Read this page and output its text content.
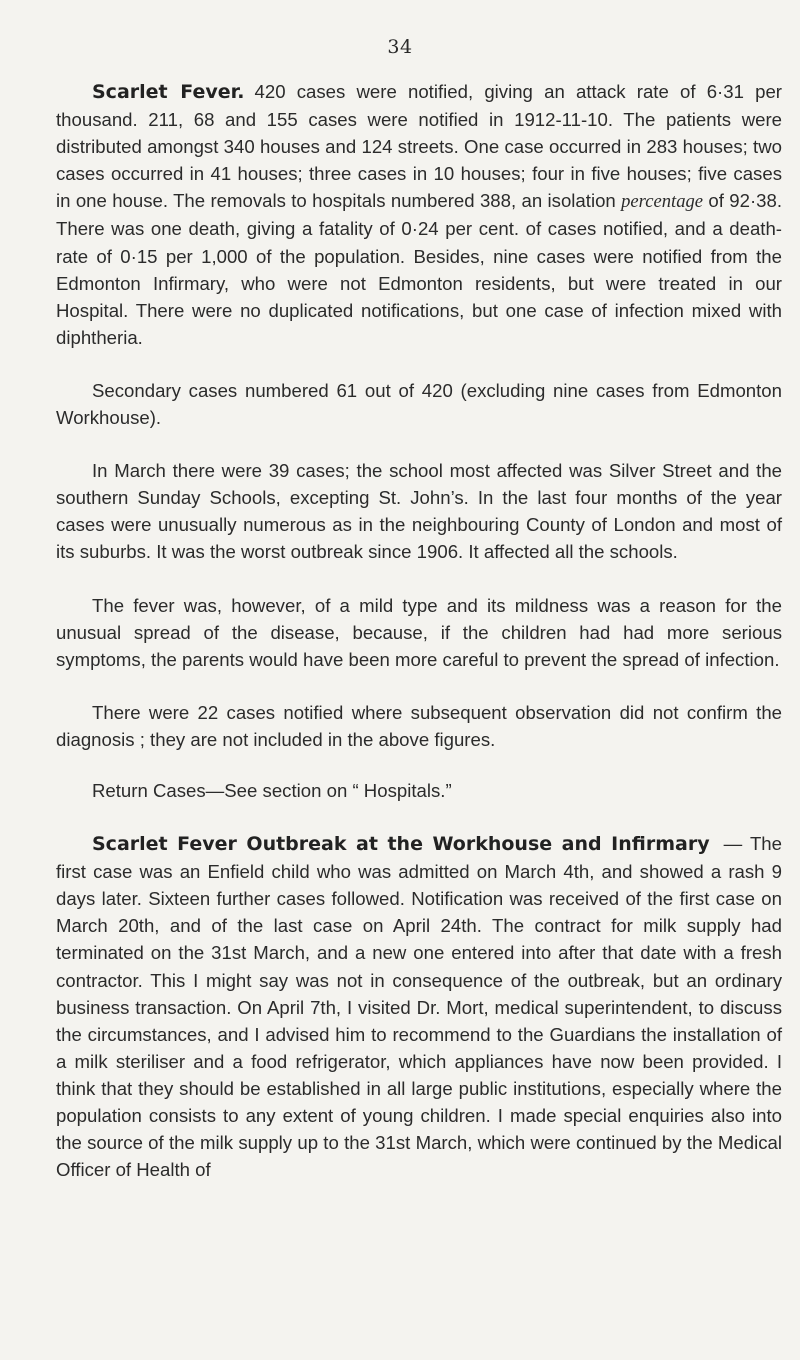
34

Scarlet Fever. 420 cases were notified, giving an attack rate of 6·31 per thousand. 211, 68 and 155 cases were notified in 1912-11-10. The patients were distributed amongst 340 houses and 124 streets. One case occurred in 283 houses; two cases occurred in 41 houses; three cases in 10 houses; four in five houses; five cases in one house. The removals to hospitals numbered 388, an isolation percentage of 92·38. There was one death, giving a fatality of 0·24 per cent. of cases notified, and a death-rate of 0·15 per 1,000 of the population. Besides, nine cases were notified from the Edmonton Infirmary, who were not Edmonton residents, but were treated in our Hospital. There were no duplicated notifications, but one case of infection mixed with diphtheria.

Secondary cases numbered 61 out of 420 (excluding nine cases from Edmonton Workhouse).

In March there were 39 cases; the school most affected was Silver Street and the southern Sunday Schools, excepting St. John’s. In the last four months of the year cases were unusually numerous as in the neighbouring County of London and most of its suburbs. It was the worst outbreak since 1906. It affected all the schools.

The fever was, however, of a mild type and its mildness was a reason for the unusual spread of the disease, because, if the children had had more serious symptoms, the parents would have been more careful to prevent the spread of infection.

There were 22 cases notified where subsequent observation did not confirm the diagnosis ; they are not included in the above figures.

Return Cases—See section on “ Hospitals.”

Scarlet Fever Outbreak at the Workhouse and Infirmary — The first case was an Enfield child who was admitted on March 4th, and showed a rash 9 days later. Sixteen further cases followed. Notification was received of the first case on March 20th, and of the last case on April 24th. The contract for milk supply had terminated on the 31st March, and a new one entered into after that date with a fresh contractor. This I might say was not in consequence of the outbreak, but an ordinary business transaction. On April 7th, I visited Dr. Mort, medical superintendent, to discuss the circumstances, and I advised him to recommend to the Guardians the installation of a milk steriliser and a food refrigerator, which appliances have now been provided. I think that they should be established in all large public institutions, especially where the population consists to any extent of young children. I made special enquiries also into the source of the milk supply up to the 31st March, which were continued by the Medical Officer of Health of
